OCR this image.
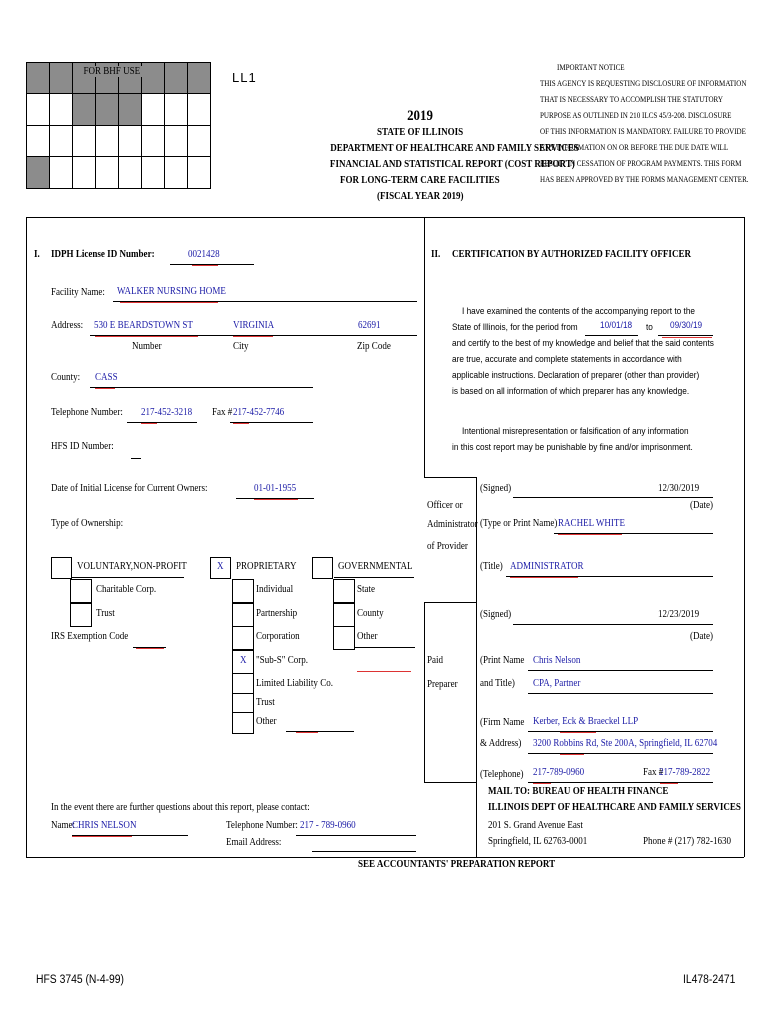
FOR BHF USE	LL1
2019
STATE OF ILLINOIS
DEPARTMENT OF HEALTHCARE AND FAMILY SERVICES
FINANCIAL AND STATISTICAL REPORT (COST REPORT)
FOR LONG-TERM CARE FACILITIES
(FISCAL YEAR 2019)
IMPORTANT NOTICE
THIS AGENCY IS REQUESTING DISCLOSURE OF INFORMATION
THAT IS NECESSARY TO ACCOMPLISH THE STATUTORY
PURPOSE AS OUTLINED IN 210 ILCS 45/3-208. DISCLOSURE
OF THIS INFORMATION IS MANDATORY. FAILURE TO PROVIDE
ANY INFORMATION ON OR BEFORE THE DUE DATE WILL
RESULT IN CESSATION OF PROGRAM PAYMENTS. THIS FORM
HAS BEEN APPROVED BY THE FORMS MANAGEMENT CENTER.
I. IDPH License ID Number:	0021428
Facility Name: WALKER NURSING HOME
Address: 530 E BEARDSTOWN ST	VIRGINIA	62691
Number	City	Zip Code
County: CASS
Telephone Number: 217-452-3218 Fax # 217-452-7746
HFS ID Number:
Date of Initial License for Current Owners:	01-01-1955
Type of Ownership:
VOLUNTARY,NON-PROFIT
Charitable Corp.
Trust
IRS Exemption Code
X PROPRIETARY
Individual
Partnership
Corporation
X "Sub-S" Corp.
Limited Liability Co.
Trust
Other
GOVERNMENTAL
State
County
Other
II. CERTIFICATION BY AUTHORIZED FACILITY OFFICER
I have examined the contents of the accompanying report to the
State of Illinois, for the period from 10/01/18 to 09/30/19
and certify to the best of my knowledge and belief that the said contents
are true, accurate and complete statements in accordance with
applicable instructions. Declaration of preparer (other than provider)
is based on all information of which preparer has any knowledge.
Intentional misrepresentation or falsification of any information
in this cost report may be punishable by fine and/or imprisonment.
Officer or
Administrator
of Provider
(Signed)	12/30/2019
(Date)
(Type or Print Name) RACHEL WHITE
(Title) ADMINISTRATOR
Paid
Preparer
(Signed)	12/23/2019
(Date)
(Print Name
and Title)
Chris Nelson
CPA, Partner
(Firm Name
& Address)
Kerber, Eck & Braeckel LLP
3200 Robbins Rd, Ste 200A, Springfield, IL 62704
(Telephone) 217-789-0960	Fax #
217-789-2822
MAIL TO: BUREAU OF HEALTH FINANCE
ILLINOIS DEPT OF HEALTHCARE AND FAMILY SERVICES
201 S. Grand Avenue East
Springfield, IL 62763-0001	Phone # (217) 782-1630
In the event there are further questions about this report, please contact:
Name:
CHRIS NELSON	Telephone Number: 217 - 789-0960
Email Address:
SEE ACCOUNTANTS' PREPARATION REPORT
HFS 3745 (N-4-99)	IL478-2471
